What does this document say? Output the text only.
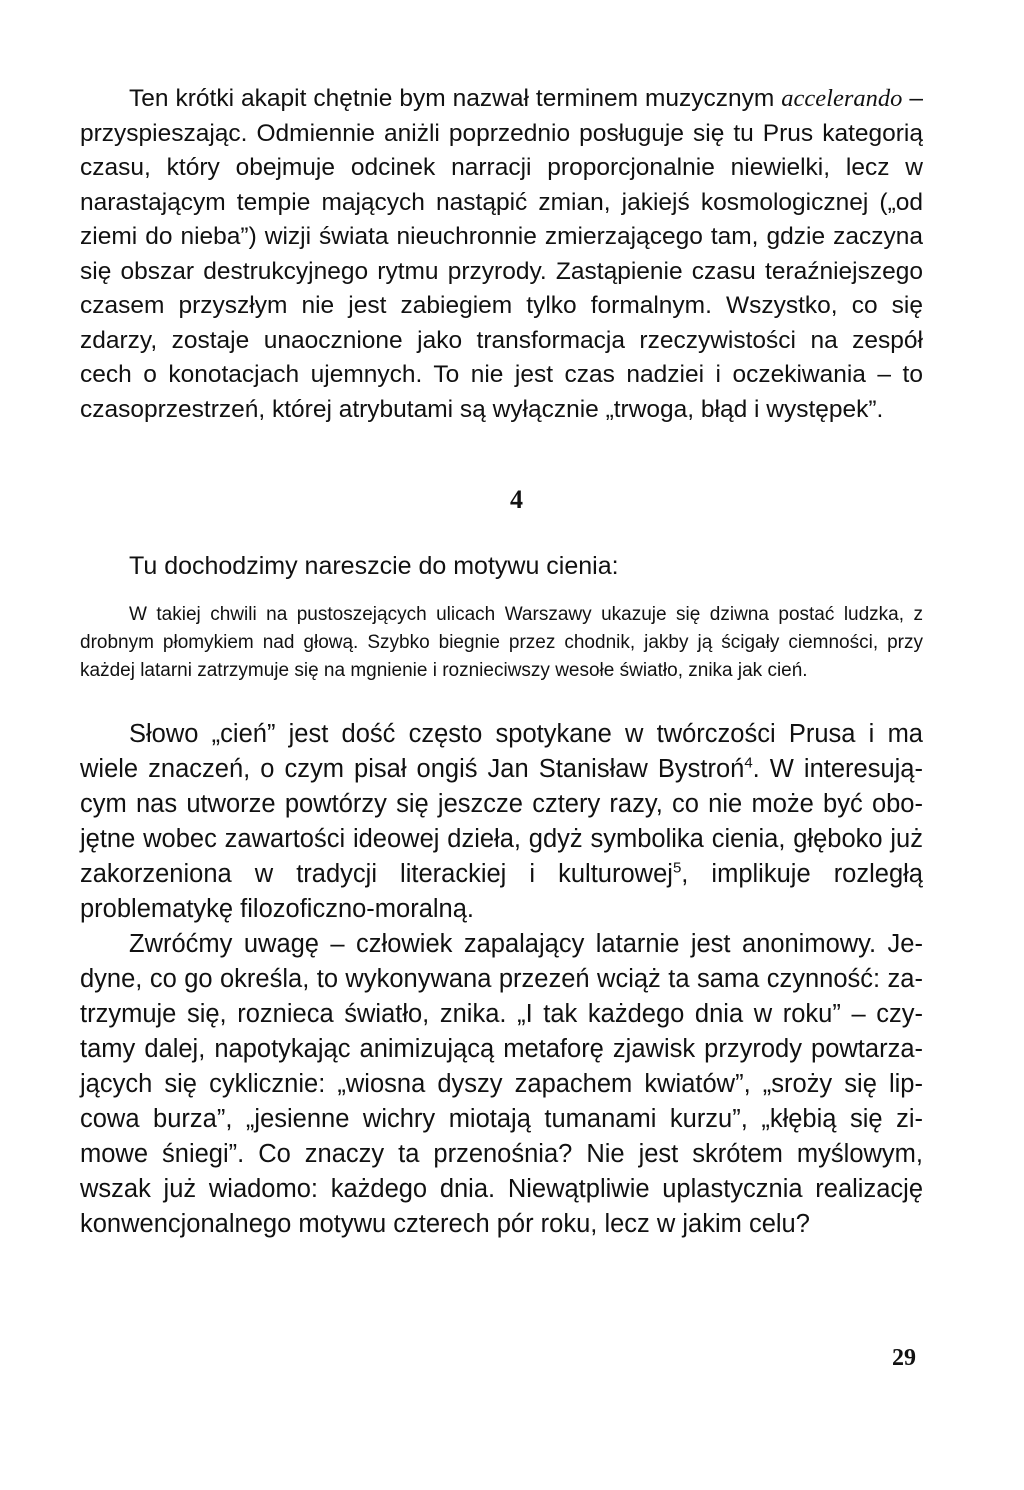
Ten krótki akapit chętnie bym nazwał terminem muzycznym accelerando – przyspieszając. Odmiennie aniżli poprzednio posługuje się tu Prus kategorią czasu, który obejmuje odcinek narracji proporcjonalnie niewielki, lecz w narastającym tempie mających nastąpić zmian, jakiejś kosmologicznej („od ziemi do nieba”) wizji świata nieuchronnie zmierzającego tam, gdzie zaczyna się obszar destrukcyjnego rytmu przyrody. Zastąpienie czasu teraźniejszego czasem przyszłym nie jest zabiegiem tylko formalnym. Wszystko, co się zdarzy, zostaje unaocznione jako transformacja rzeczywistości na zespół cech o konotacjach ujemnych. To nie jest czas nadziei i oczekiwania – to czasoprzestrzeń, której atrybutami są wyłącznie „trwoga, błąd i występek”.

4

Tu dochodzimy nareszcie do motywu cienia:

W takiej chwili na pustoszejących ulicach Warszawy ukazuje się dziwna postać ludzka, z drobnym płomykiem nad głową. Szybko biegnie przez chodnik, jakby ją ścigały ciemności, przy każdej latarni zatrzymuje się na mgnienie i roznieciwszy wesołe światło, znika jak cień.

Słowo „cień” jest dość często spotykane w twórczości Prusa i ma wiele znaczeń, o czym pisał ongiś Jan Stanisław Bystroń$^4$. W interesującym nas utworze powtórzy się jeszcze cztery razy, co nie może być obojętne wobec zawartości ideowej dzieła, gdyż symbolika cienia, głęboko już zakorzeniona w tradycji literackiej i kulturowej$^5$, implikuje rozległą problematykę filozoficzno-moralną.

Zwróćmy uwagę – człowiek zapalający latarnie jest anonimowy. Jedyne, co go określa, to wykonywana przezeń wciąż ta sama czynność: zatrzymuje się, roznieca światło, znika. „I tak każdego dnia w roku” – czytamy dalej, napotykając animizującą metaforę zjawisk przyrody powtarzających się cyklicznie: „wiosna dyszy zapachem kwiatów”, „sroży się lipcowa burza”, „jesienne wichry miotają tumanami kurzu”, „kłębią się zimowe śniegi”. Co znaczy ta przenośnia? Nie jest skrótem myślowym, wszak już wiadomo: każdego dnia. Niewątpliwie uplastycznia realizację konwencjonalnego motywu czterech pór roku, lecz w jakim celu?

29
